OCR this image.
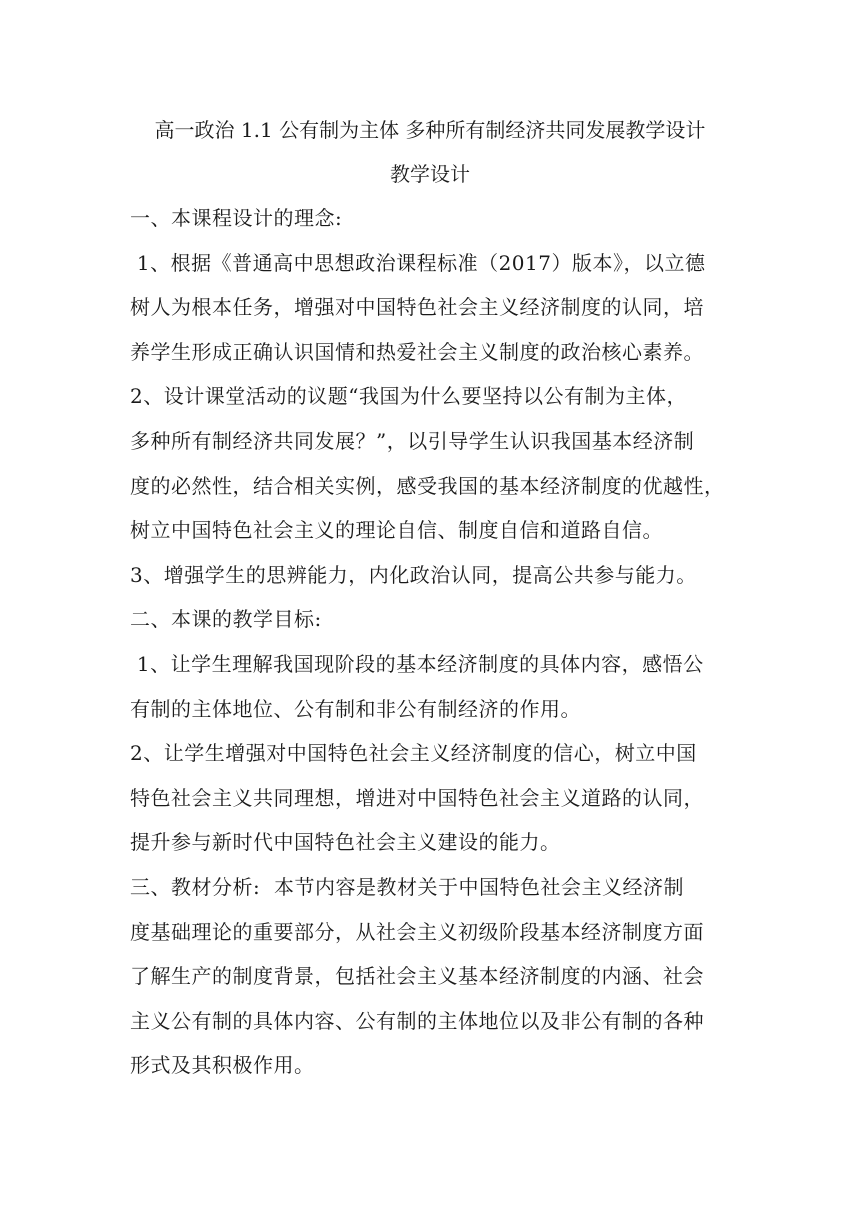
高一政治 1.1 公有制为主体 多种所有制经济共同发展教学设计

教学设计

一、本课程设计的理念:

1、根据《普通高中思想政治课程标准（2017）版本》，以立德

树人为根本任务，增强对中国特色社会主义经济制度的认同，培

养学生形成正确认识国情和热爱社会主义制度的政治核心素养。

2、设计课堂活动的议题“我国为什么要坚持以公有制为主体，

多种所有制经济共同发展？”，以引导学生认识我国基本经济制

度的必然性，结合相关实例，感受我国的基本经济制度的优越性，

树立中国特色社会主义的理论自信、制度自信和道路自信。

3、增强学生的思辨能力，内化政治认同，提高公共参与能力。

二、本课的教学目标:

1、让学生理解我国现阶段的基本经济制度的具体内容，感悟公

有制的主体地位、公有制和非公有制经济的作用。

2、让学生增强对中国特色社会主义经济制度的信心，树立中国

特色社会主义共同理想，增进对中国特色社会主义道路的认同，

提升参与新时代中国特色社会主义建设的能力。

三、教材分析:  本节内容是教材关于中国特色社会主义经济制

度基础理论的重要部分，从社会主义初级阶段基本经济制度方面

了解生产的制度背景，包括社会主义基本经济制度的内涵、社会

主义公有制的具体内容、公有制的主体地位以及非公有制的各种

形式及其积极作用。
